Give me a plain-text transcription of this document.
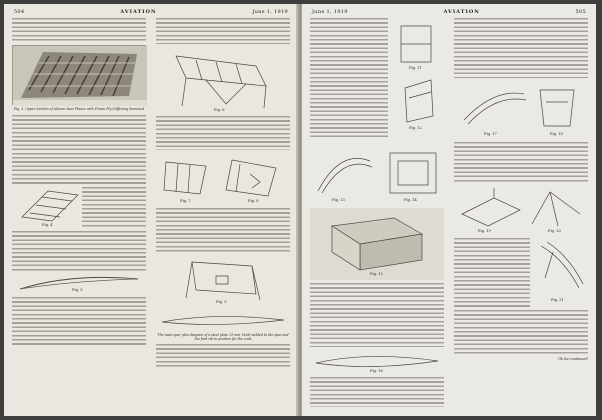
504	AVIATION	June 1, 1919
Fig. 3. Upper Section of Aileron Rear Planes with Frame Ply Stiffening Removed
Fig. 4
Fig. 5
Fig. 6
Fig. 7	Fig. 8
Fig. 9
The main spar plan diagram of a steel plate 25 mm. thick welded to the spar and the first rib to position for the ends
June 1, 1919	AVIATION	505
Fig. 11
Fig. 12
Fig. 13	Fig. 14
Fig. 15
Fig. 16
Fig. 17	Fig. 18
Fig. 19	Fig. 20
Fig. 21
(To be continued)
